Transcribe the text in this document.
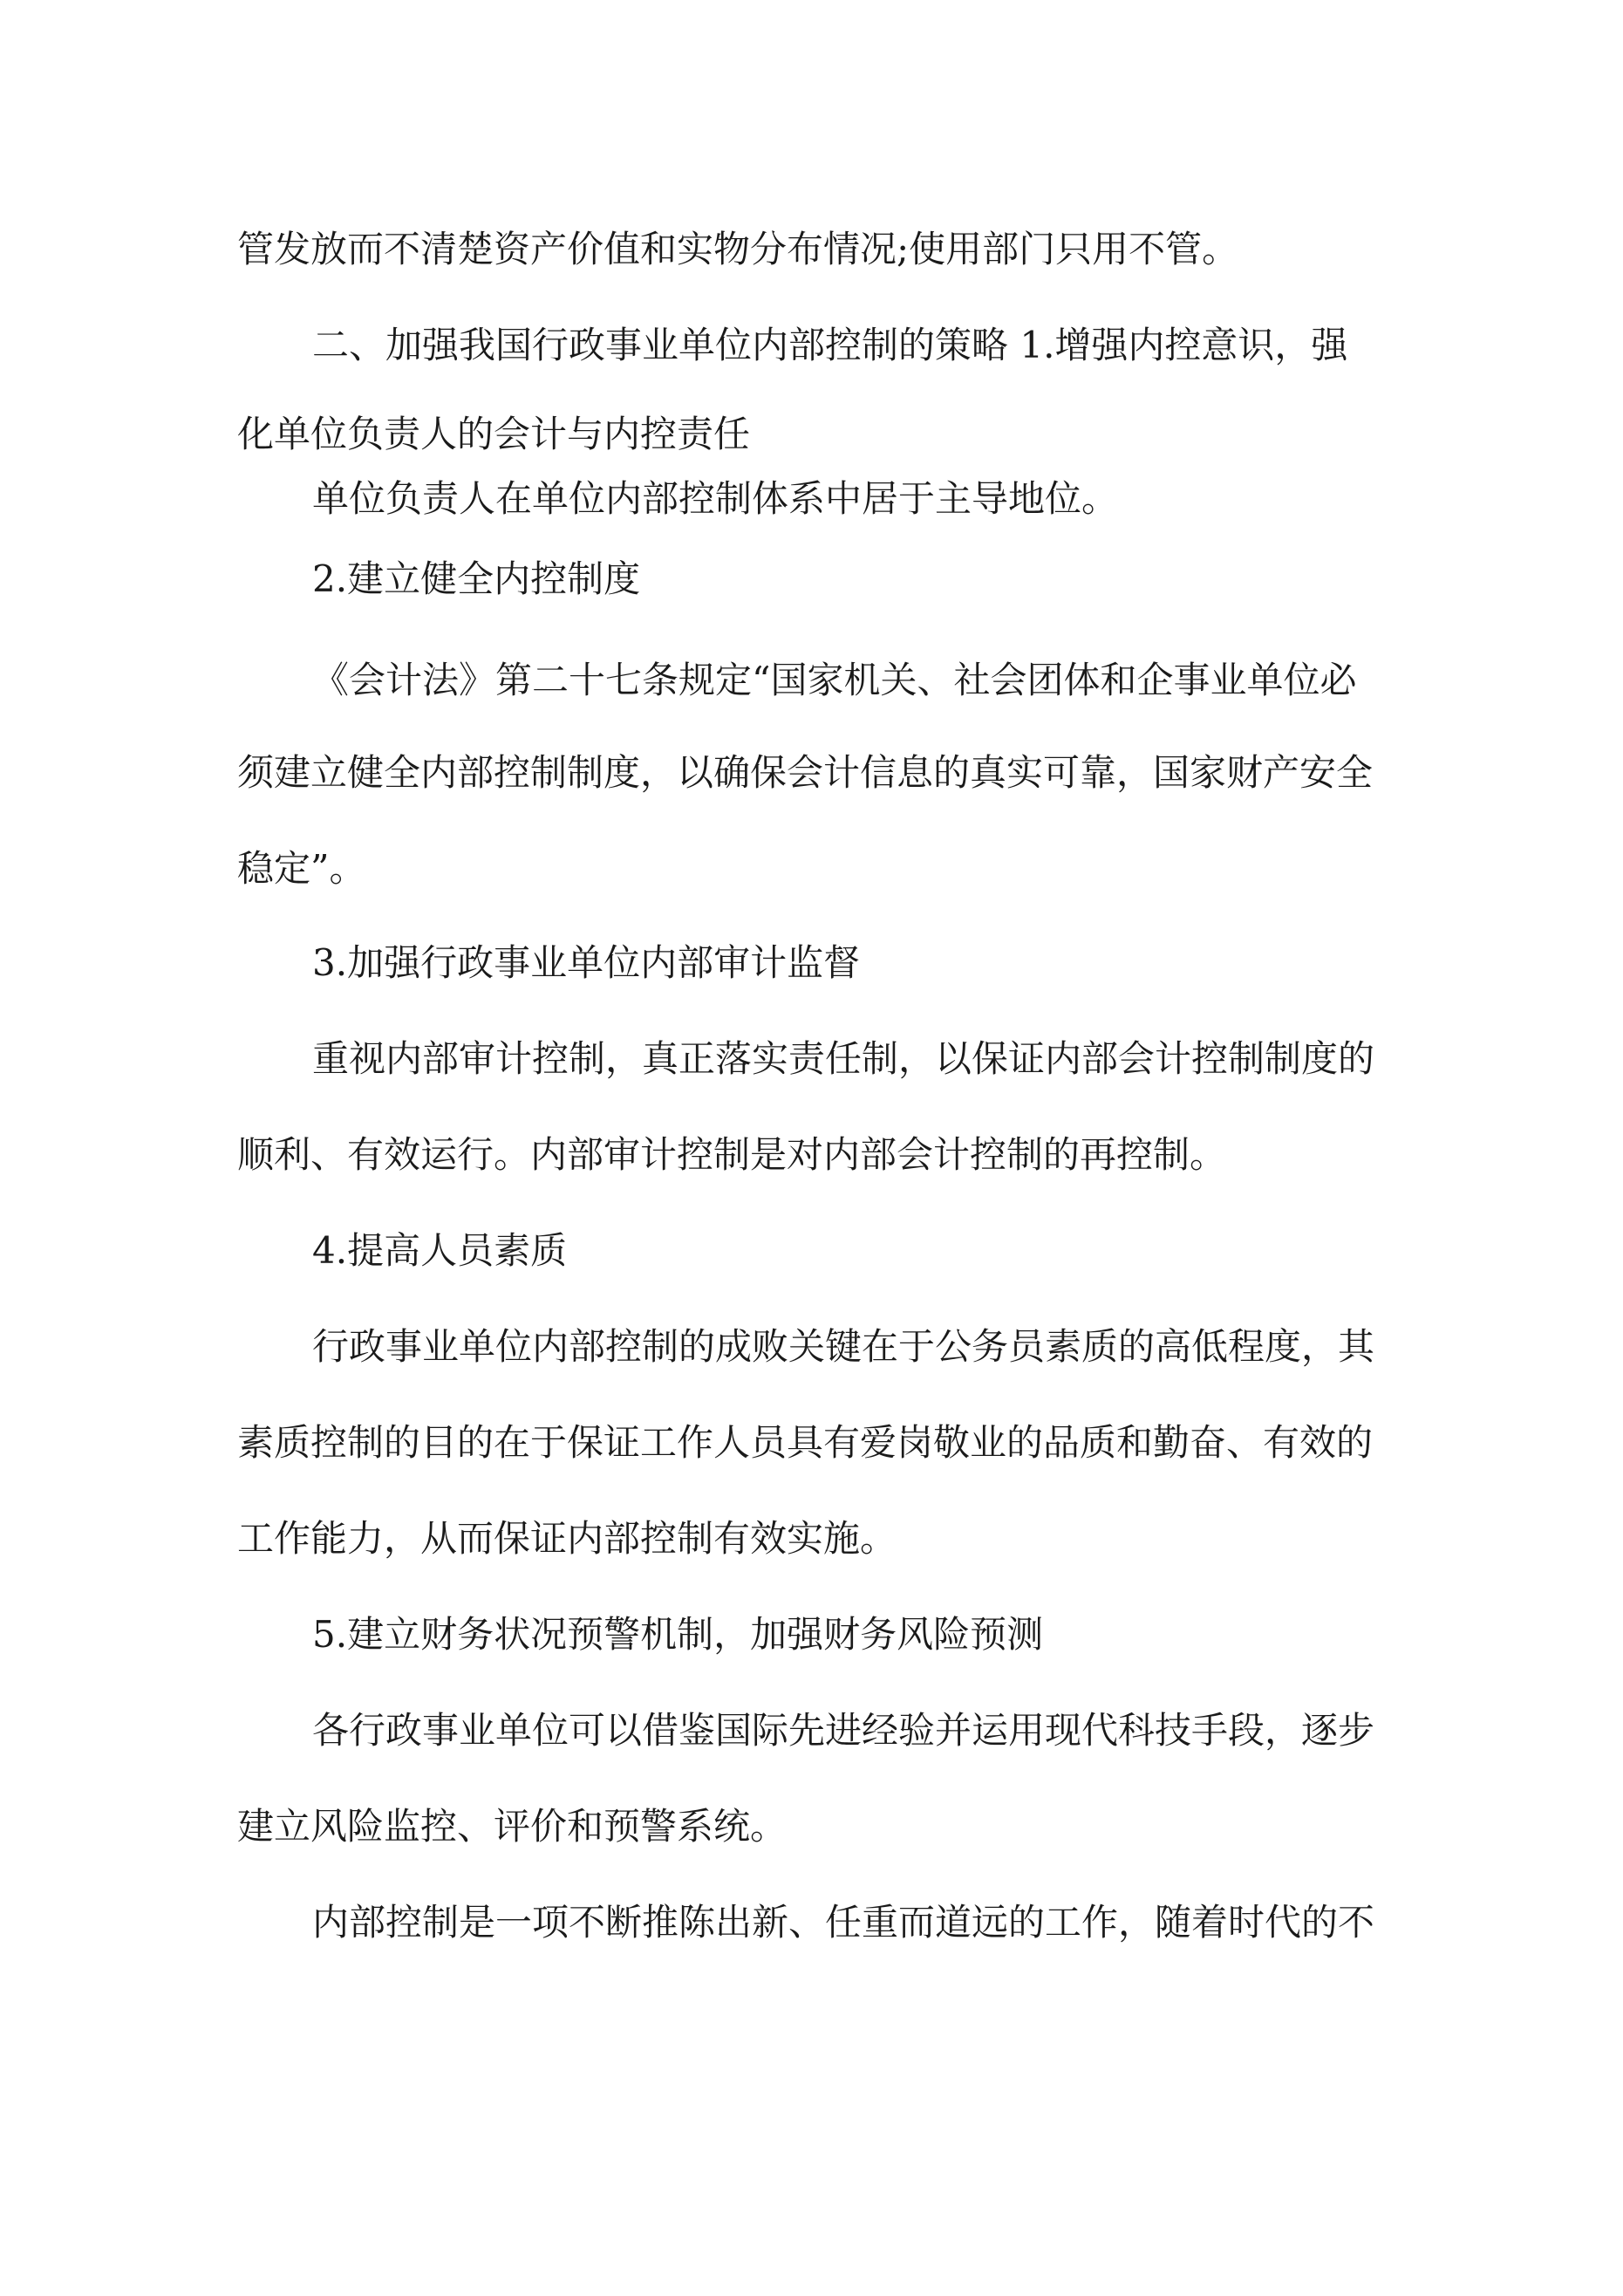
管发放而不清楚资产价值和实物分布情况;使用部门只用不管。

二、加强我国行政事业单位内部控制的策略 1.增强内控意识，强

化单位负责人的会计与内控责任

单位负责人在单位内部控制体系中居于主导地位。

2.建立健全内控制度

《会计法》第二十七条规定“国家机关、社会团体和企事业单位必

须建立健全内部控制制度，以确保会计信息的真实可靠，国家财产安全

稳定”。

3.加强行政事业单位内部审计监督

重视内部审计控制，真正落实责任制，以保证内部会计控制制度的

顺利、有效运行。内部审计控制是对内部会计控制的再控制。

4.提高人员素质

行政事业单位内部控制的成败关键在于公务员素质的高低程度，其

素质控制的目的在于保证工作人员具有爱岗敬业的品质和勤奋、有效的

工作能力，从而保证内部控制有效实施。

5.建立财务状况预警机制，加强财务风险预测

各行政事业单位可以借鉴国际先进经验并运用现代科技手段，逐步

建立风险监控、评价和预警系统。

内部控制是一项不断推陈出新、任重而道远的工作，随着时代的不
